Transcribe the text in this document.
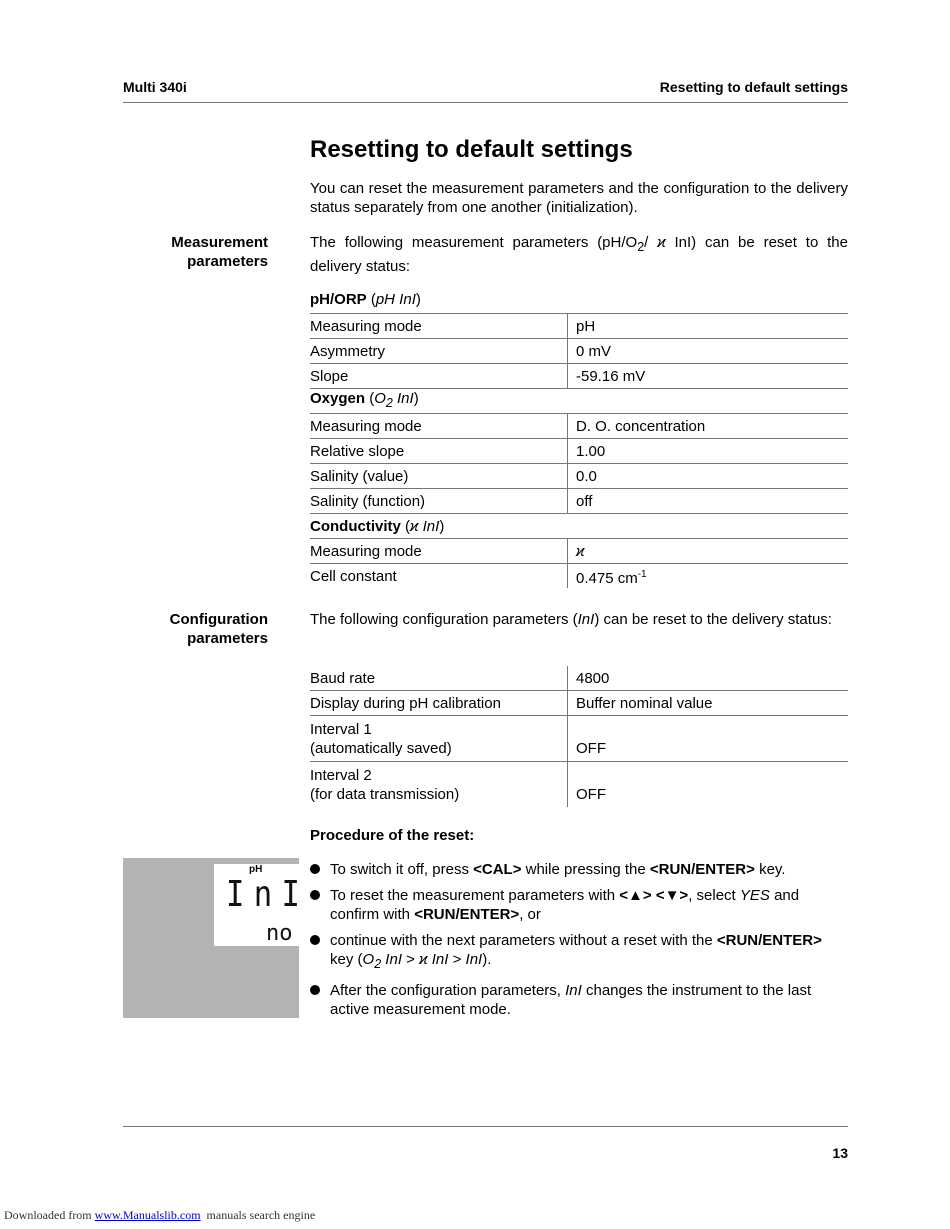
Multi 340i	Resetting to default settings
Resetting to default settings
You can reset the measurement parameters and the configuration to the delivery status separately from one another (initialization).
Measurement
parameters
The following measurement parameters ($pH/O_2/$ ϰ InI) can be reset to the delivery status:
pH/ORP (pH InI)
Measuring mode	pH
Asymmetry	0 mV
Slope	-59.16 mV
Oxygen ($O_2$ InI)	
Measuring mode	D. O. concentration
Relative slope	1.00
Salinity (value)	0.0
Salinity (function)	off
Conductivity (ϰ InI)	
Measuring mode	ϰ
Cell constant	0.475 $cm^{-1}$
Configuration
parameters
The following configuration parameters (InI) can be reset to the delivery status:
Baud rate	4800
Display during pH calibration	Buffer nominal value
Interval 1
(automatically saved)	OFF
Interval 2
(for data transmission)	OFF
Procedure of the reset:
pH
InI
no
To switch it off, press <CAL> while pressing the <RUN/ENTER> key.
To reset the measurement parameters with <▲> <▼>, select YES and confirm with <RUN/ENTER>, or
continue with the next parameters without a reset with the <RUN/ENTER> key ($O_2$ InI > ϰ InI > InI).
After the configuration parameters, InI changes the instrument to the last active measurement mode.
13
Downloaded from www.Manualslib.com  manuals search engine
